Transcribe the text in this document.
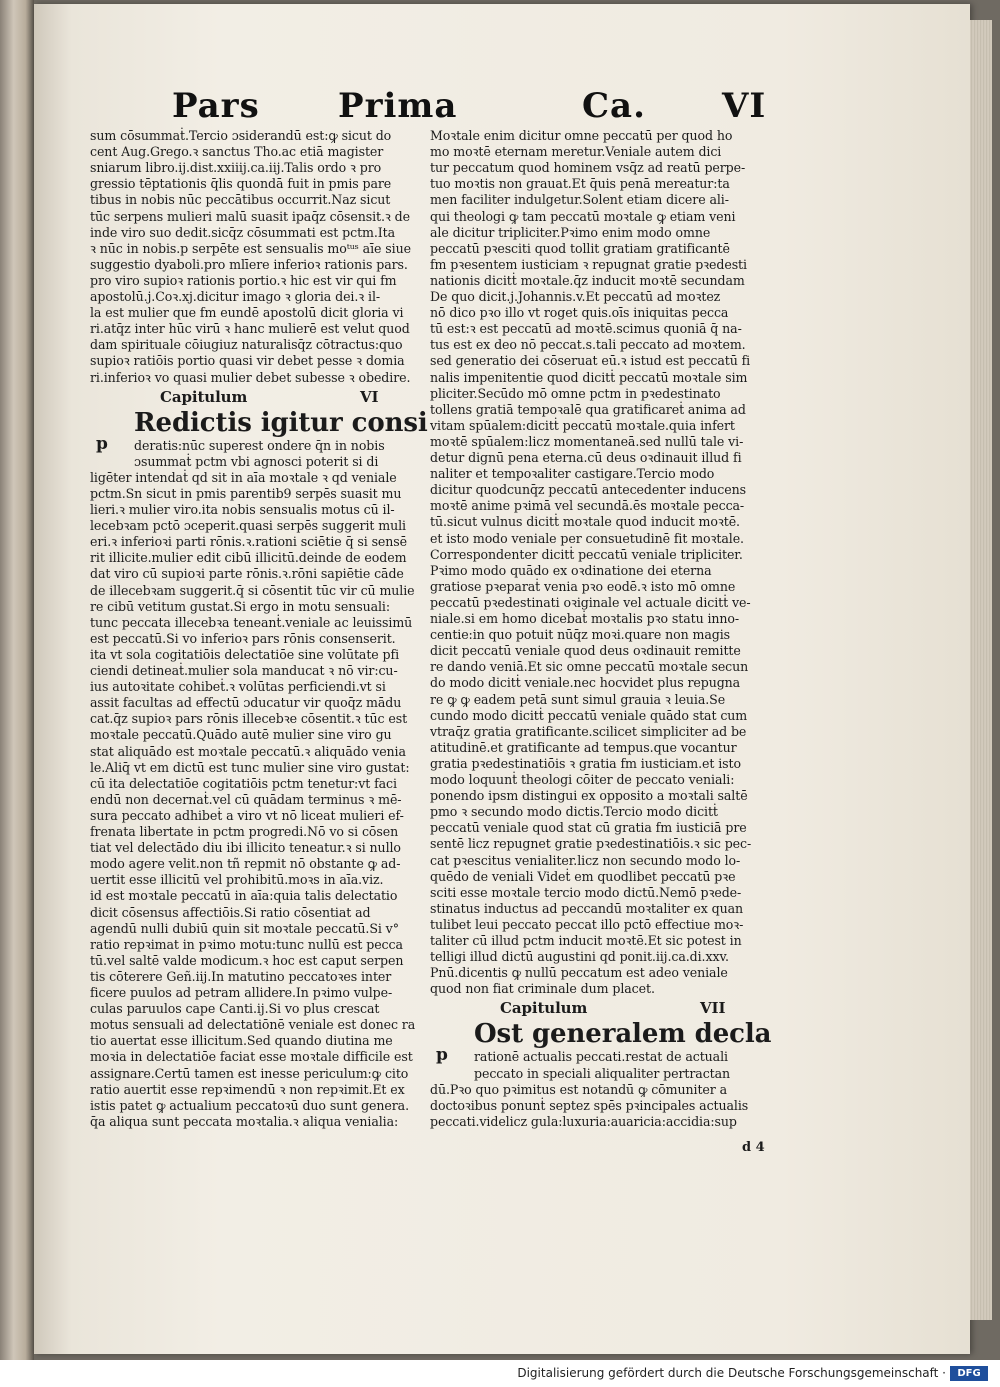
Pars Prima	Ca. VI
sum cōsummaṫ.Tercio ɔsiderandū est:ꝙ sicut do
cent Aug.Grego.ꝛ sanctus Tho.ac etiā magister
sniarum libro.ij.dist.xxiiij.ca.iij.Talis ordo ꝛ pro
gressio tēptationis q̄lis quondā fuit in pmis pare
tibus in nobis nūc peccātibus occurrit.Naz sicut
tūc serpens mulieri malū suasit ipaq̄z cōsensit.ꝛ de
inde viro suo dedit.sicq̄z cōsummati est pctm.Ita
ꝛ nūc in nobis.p serpēte est sensualis moᵗᵘˢ aīe siue
suggestio dyaboli.pro mlīere inferioꝛ rationis pars.
pro viro supioꝛ rationis portio.ꝛ hic est vir qui fm
apostolū.j.Coꝛ.xj.dicitur imago ꝛ gloria dei.ꝛ il-
la est mulier que fm eundē apostolū dicit gloria vi
ri.atq̄z inter hūc virū ꝛ hanc mulierē est velut quod
dam spirituale cōiugiuz naturalisq̄z cōtractus:quo
supioꝛ ratiōis portio quasi vir debet pesse ꝛ domia
ri.inferioꝛ vo quasi mulier debet subesse ꝛ obedire.
Capitulum	VI
Redictis igitur consi
p deratis:nūc superest ondere q̄n in nobis
ɔsummaṫ pctm vbi agnosci poterit si di
ligēter intendaṫ qd sit in aīa moꝛtale ꝛ qd veniale
pctm.Sn sicut in pmis parentib9 serpēs suasit mu
lieri.ꝛ mulier viro.ita nobis sensualis motus cū il-
lecebꝛam pctō ɔceperit.quasi serpēs suggerit muli
eri.ꝛ inferioꝛi parti rōnis.ꝛ.rationi sciētie q̄ si sensē
rit illicite.mulier edit cibū illicitū.deinde de eodem
dat viro cū supioꝛi parte rōnis.ꝛ.rōni sapiētie cāde
de illecebꝛam suggerit.q̄ si cōsentit tūc vir cū mulie
re cibū vetitum gustat.Si ergo in motu sensuali:
tunc peccata illecebꝛa teneanṫ.veniale ac leuissimū
est peccatū.Si vo inferioꝛ pars rōnis consenserit.
ita vt sola cogitatiōis delectatiōe sine volūtate pfi
ciendi detineaṫ.mulier sola manducat ꝛ nō vir:cu-
ius autoꝛitate cohibeṫ.ꝛ volūtas perficiendi.vt si
assit facultas ad effectū ɔducatur vir quoq̄z mādu
cat.q̄z supioꝛ pars rōnis illecebꝛe cōsentit.ꝛ tūc est
moꝛtale peccatū.Quādo autē mulier sine viro gu
stat aliquādo est moꝛtale peccatū.ꝛ aliquādo venia
le.Aliq̄ vt em dictū est tunc mulier sine viro gustat:
cū ita delectatiōe cogitatiōis pctm tenetur:vt faci
endū non decernaṫ.vel cū quādam terminus ꝛ mē-
sura peccato adhibeṫ a viro vt nō liceat mulieri ef-
frenata libertate in pctm progredi.Nō vo si cōsen
tiat vel delectādo diu ibi illicito teneatur.ꝛ si nullo
modo agere velit.non tñ repmit nō obstante ꝙ ad-
uertit esse illicitū vel prohibitū.moꝛs in aīa.viz.
id est moꝛtale peccatū in aīa:quia talis delectatio
dicit cōsensus affectiōis.Si ratio cōsentiat ad
agendū nulli dubiū quin sit moꝛtale peccatū.Si v°
ratio repꝛimat in pꝛimo motu:tunc nullū est pecca
tū.vel saltē valde modicum.ꝛ hoc est caput serpen
tis cōterere Geñ.iij.In matutino peccatoꝛes inter
ficere puulos ad petram allidere.In pꝛimo vulpe-
culas paruulos cape Canti.ij.Si vo plus crescat
motus sensuali ad delectatiōnē veniale est donec ra
tio auertat esse illicitum.Sed quando diutina me
moꝛia in delectatiōe faciat esse moꝛtale difficile est
assignare.Certū tamen est inesse periculum:ꝙ cito
ratio auertit esse repꝛimendū ꝛ non repꝛimit.Et ex
istis patet ꝙ actualium peccatoꝛū duo sunt genera.
q̄a aliqua sunt peccata moꝛtalia.ꝛ aliqua venialia:
Moꝛtale enim dicitur omne peccatū per quod ho
mo moꝛtē eternam meretur.Veniale autem dici
tur peccatum quod hominem vsq̄z ad reatū perpe-
tuo moꝛtis non grauat.Et q̄uis penā mereatur:ta
men faciliter indulgetur.Solent etiam dicere ali-
qui theologi ꝙ tam peccatū moꝛtale ꝙ etiam veni
ale dicitur tripliciter.Pꝛimo enim modo omne
peccatū pꝛesciti quod tollit gratiam gratificantē
fm pꝛesentem iusticiam ꝛ repugnat gratie pꝛedesti
nationis dicitṫ moꝛtale.q̄z inducit moꝛtē secundam
De quo dicit.j.Johannis.v.Et peccatū ad moꝛtez
nō dico pꝛo illo vt roget quis.oīs iniquitas pecca
tū est:ꝛ est peccatū ad moꝛtē.scimus quoniā q̄ na-
tus est ex deo nō peccat.s.tali peccato ad moꝛtem.
sed generatio dei cōseruat eū.ꝛ istud est peccatū fi
nalis impenitentie quod dicitṫ peccatū moꝛtale sim
pliciter.Secūdo mō omne pctm in pꝛedestinato
tollens gratiā tempoꝛalē qua gratificareṫ anima ad
vitam spūalem:dicitṫ peccatū moꝛtale.quia infert
moꝛtē spūalem:licz momentaneā.sed nullū tale vi-
detur dignū pena eterna.cū deus oꝛdinauit illud fi
naliter et tempoꝛaliter castigare.Tercio modo
dicitur quodcunq̄z peccatū antecedenter inducens
moꝛtē anime pꝛimā vel secundā.ēs moꝛtale pecca-
tū.sicut vulnus dicitṫ moꝛtale quod inducit moꝛtē.
et isto modo veniale per consuetudinē fit moꝛtale.
Correspondenter dicitṫ peccatū veniale tripliciter.
Pꝛimo modo quādo ex oꝛdinatione dei eterna
gratiose pꝛeparaṫ venia pꝛo eodē.ꝛ isto mō omne
peccatū pꝛedestinati oꝛiginale vel actuale dicitṫ ve-
niale.si em homo dicebaṫ moꝛtalis pꝛo statu inno-
centie:in quo potuit nūq̄z moꝛi.quare non magis
dicit peccatū veniale quod deus oꝛdinauit remitte
re dando veniā.Et sic omne peccatū moꝛtale secun
do modo dicitṫ veniale.nec hocvidet plus repugna
re ꝙ ꝙ eadem petā sunt simul grauia ꝛ leuia.Se
cundo modo dicitṫ peccatū veniale quādo stat cum
vtraq̄z gratia gratificante.scilicet simpliciter ad be
atitudinē.et gratificante ad tempus.que vocantur
gratia pꝛedestinatiōis ꝛ gratia fm iusticiam.et isto
modo loquunṫ theologi cōiter de peccato veniali:
ponendo ipsm distingui ex opposito a moꝛtali saltē
pmo ꝛ secundo modo dictis.Tercio modo dicitṫ
peccatū veniale quod stat cū gratia fm iusticiā pre
sentē licz repugnet gratie pꝛedestinatiōis.ꝛ sic pec-
cat pꝛescitus venialiter.licz non secundo modo lo-
quēdo de veniali Videṫ em quodlibet peccatū pꝛe
sciti esse moꝛtale tercio modo dictū.Nemō pꝛede-
stinatus inductus ad peccandū moꝛtaliter ex quan
tulibet leui peccato peccat illo pctō effectiue moꝛ-
taliter cū illud pctm inducit moꝛtē.Et sic potest in
telligi illud dictū augustini qd ponit.iij.ca.di.xxv.
Pnū.dicentis ꝙ nullū peccatum est adeo veniale
quod non fiat criminale dum placet.
Capitulum	VII
Ost generalem decla
p rationē actualis peccati.restat de actuali
peccato in speciali aliqualiter pertractan
dū.Pꝛo quo pꝛimitus est notandū ꝙ cōmuniter a
doctoꝛibus ponunṫ septez spēs pꝛincipales actualis
peccati.videlicz gula:luxuria:auaricia:accidia:sup
d 4
Digitalisierung gefördert durch die Deutsche Forschungsgemeinschaft ·	DFG
